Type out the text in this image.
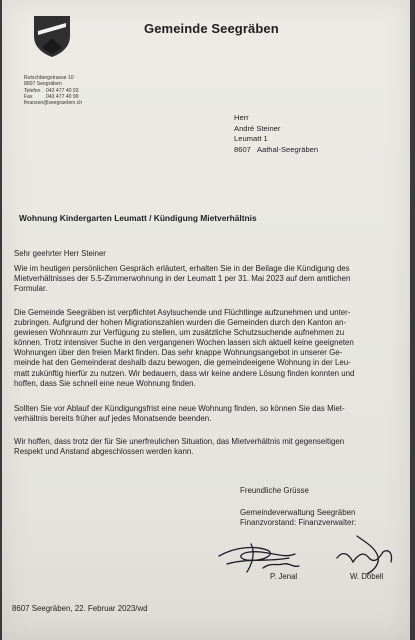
Gemeinde Seegräben
Rutschbergstrasse 10
8607 Seegräben
Telefon 043 477 40 93
Fax	043 477 40 99
finanzen@seegraeben.ch
Herr
André Steiner
Leumatt 1
8607 Aathal-Seegräben
Wohnung Kindergarten Leumatt / Kündigung Mietverhältnis
Sehr geehrter Herr Steiner
Wie im heutigen persönlichen Gespräch erläutert, erhalten Sie in der Beilage die Kündigung des
Mietverhältnisses der 5.5-Zimmerwohnung in der Leumatt 1 per 31. Mai 2023 auf dem amtlichen
Formular.
Die Gemeinde Seegräben ist verpflichtet Asylsuchende und Flüchtlinge aufzunehmen und unter-
zubringen. Aufgrund der hohen Migrationszahlen wurden die Gemeinden durch den Kanton an-
gewiesen Wohnraum zur Verfügung zu stellen, um zusätzliche Schutzsuchende aufnehmen zu
können. Trotz intensiver Suche in den vergangenen Wochen lassen sich aktuell keine geeigneten
Wohnungen über den freien Markt finden. Das sehr knappe Wohnungsangebot in unserer Ge-
meinde hat den Gemeinderat deshalb dazu bewogen, die gemeindeeigene Wohnung in der Leu-
matt zukünftig hierfür zu nutzen. Wir bedauern, dass wir keine andere Lösung finden konnten und
hoffen, dass Sie schnell eine neue Wohnung finden.
Sollten Sie vor Ablauf der Kündigungsfrist eine neue Wohnung finden, so können Sie das Miet-
verhältnis bereits früher auf jedes Monatsende beenden.
Wir hoffen, dass trotz der für Sie unerfreulichen Situation, das Mietverhältnis mit gegenseitigen
Respekt und Anstand abgeschlossen werden kann.
Freundliche Grüsse
Gemeindeverwaltung Seegräben
Finanzvorstand: Finanzverwalter:
P. Jenal	W. Dobell
8607 Seegräben, 22. Februar 2023/wd
